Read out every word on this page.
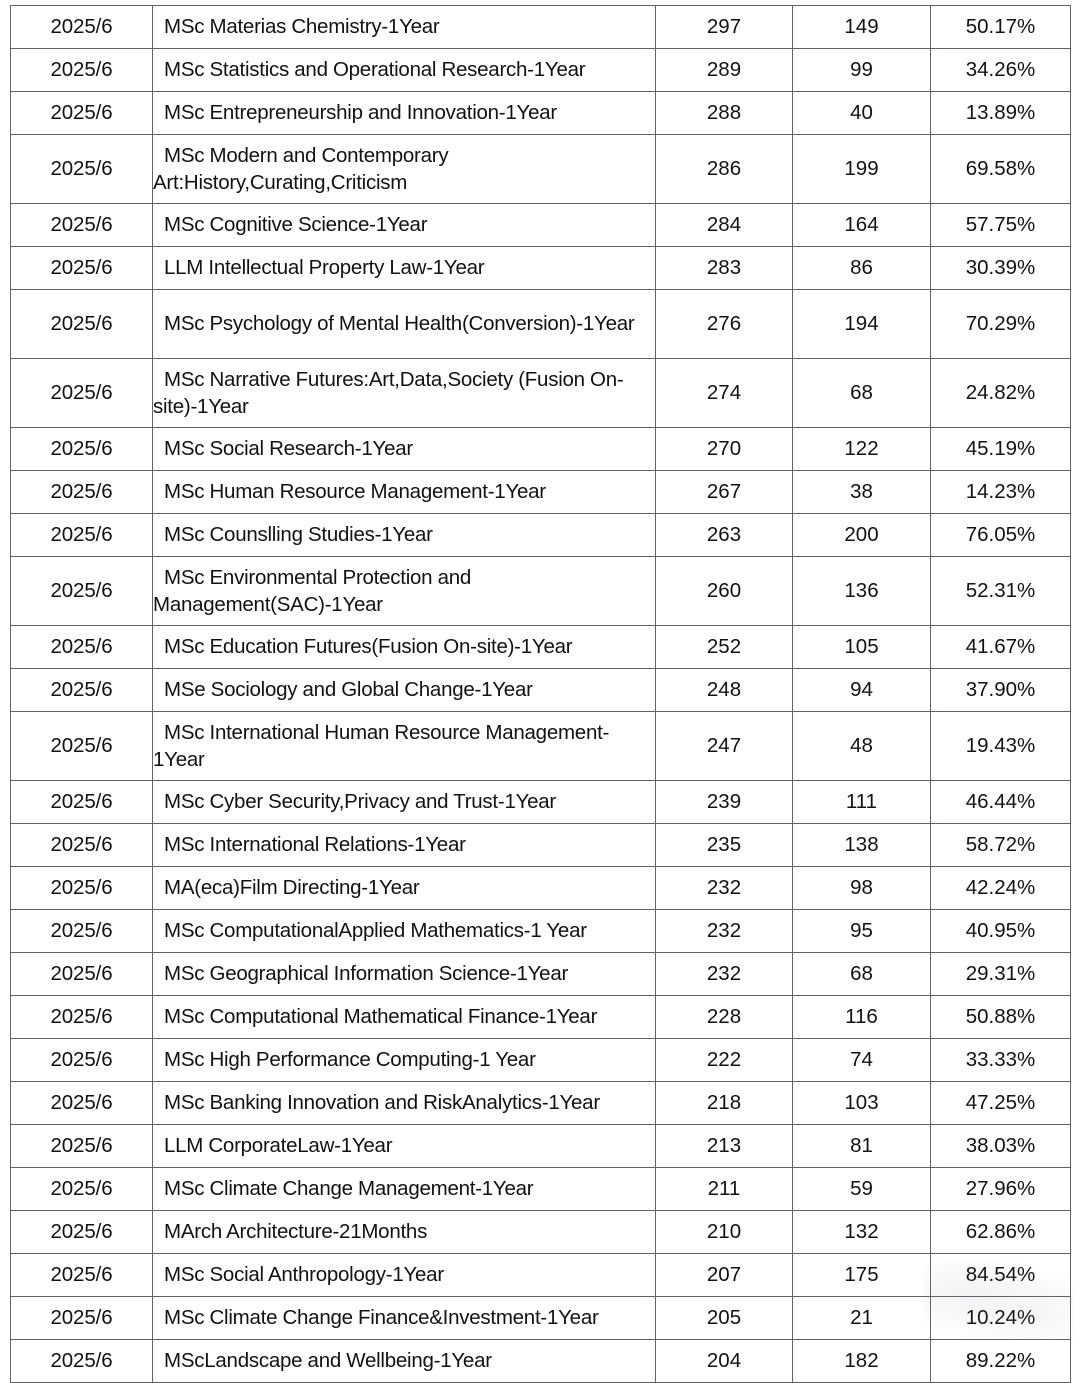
2025/6	MSc Materias Chemistry-1Year	297	149	50.17%
2025/6	MSc Statistics and Operational Research-1Year	289	99	34.26%
2025/6	MSc Entrepreneurship and Innovation-1Year	288	40	13.89%
2025/6	MSc Modern and Contemporary Art:History,Curating,Criticism	286	199	69.58%
2025/6	MSc Cognitive Science-1Year	284	164	57.75%
2025/6	LLM Intellectual Property Law-1Year	283	86	30.39%
2025/6	MSc Psychology of Mental Health(Conversion)-1Year	276	194	70.29%
2025/6	MSc Narrative Futures:Art,Data,Society (Fusion On-site)-1Year	274	68	24.82%
2025/6	MSc Social Research-1Year	270	122	45.19%
2025/6	MSc Human Resource Management-1Year	267	38	14.23%
2025/6	MSc Counslling Studies-1Year	263	200	76.05%
2025/6	MSc Environmental Protection and Management(SAC)-1Year	260	136	52.31%
2025/6	MSc Education Futures(Fusion On-site)-1Year	252	105	41.67%
2025/6	MSe Sociology and Global Change-1Year	248	94	37.90%
2025/6	MSc International Human Resource Management-1Year	247	48	19.43%
2025/6	MSc Cyber Security,Privacy and Trust-1Year	239	111	46.44%
2025/6	MSc International Relations-1Year	235	138	58.72%
2025/6	MA(eca)Film Directing-1Year	232	98	42.24%
2025/6	MSc ComputationalApplied Mathematics-1 Year	232	95	40.95%
2025/6	MSc Geographical Information Science-1Year	232	68	29.31%
2025/6	MSc Computational Mathematical Finance-1Year	228	116	50.88%
2025/6	MSc High Performance Computing-1 Year	222	74	33.33%
2025/6	MSc Banking Innovation and RiskAnalytics-1Year	218	103	47.25%
2025/6	LLM CorporateLaw-1Year	213	81	38.03%
2025/6	MSc Climate Change Management-1Year	211	59	27.96%
2025/6	MArch Architecture-21Months	210	132	62.86%
2025/6	MSc Social Anthropology-1Year	207	175	84.54%
2025/6	MSc Climate Change Finance&Investment-1Year	205	21	10.24%
2025/6	MScLandscape and Wellbeing-1Year	204	182	89.22%
